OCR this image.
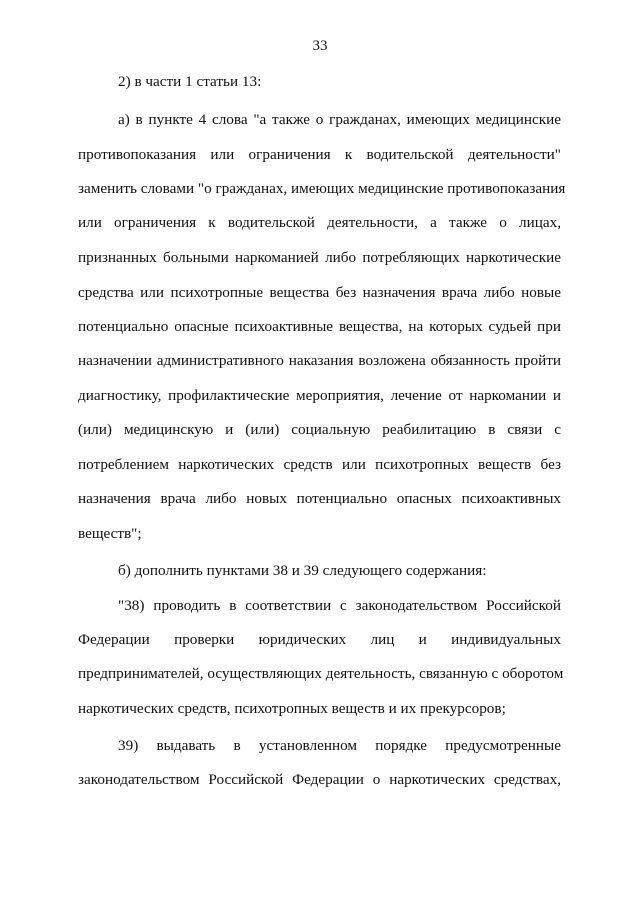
33
2) в части 1 статьи 13:
а) в пункте 4 слова "а также о гражданах, имеющих медицинские
противопоказания или ограничения к водительской деятельности"
заменить словами "о гражданах, имеющих медицинские противопоказания
или ограничения к водительской деятельности, а также о лицах,
признанных больными наркоманией либо потребляющих наркотические
средства или психотропные вещества без назначения врача либо новые
потенциально опасные психоактивные вещества, на которых судьей при
назначении административного наказания возложена обязанность пройти
диагностику, профилактические мероприятия, лечение от наркомании и
(или) медицинскую и (или) социальную реабилитацию в связи с
потреблением наркотических средств или психотропных веществ без
назначения врача либо новых потенциально опасных психоактивных
веществ";
б) дополнить пунктами 38 и 39 следующего содержания:
"38) проводить в соответствии с законодательством Российской
Федерации проверки юридических лиц и индивидуальных
предпринимателей, осуществляющих деятельность, связанную с оборотом
наркотических средств, психотропных веществ и их прекурсоров;
39) выдавать в установленном порядке предусмотренные
законодательством Российской Федерации о наркотических средствах,
